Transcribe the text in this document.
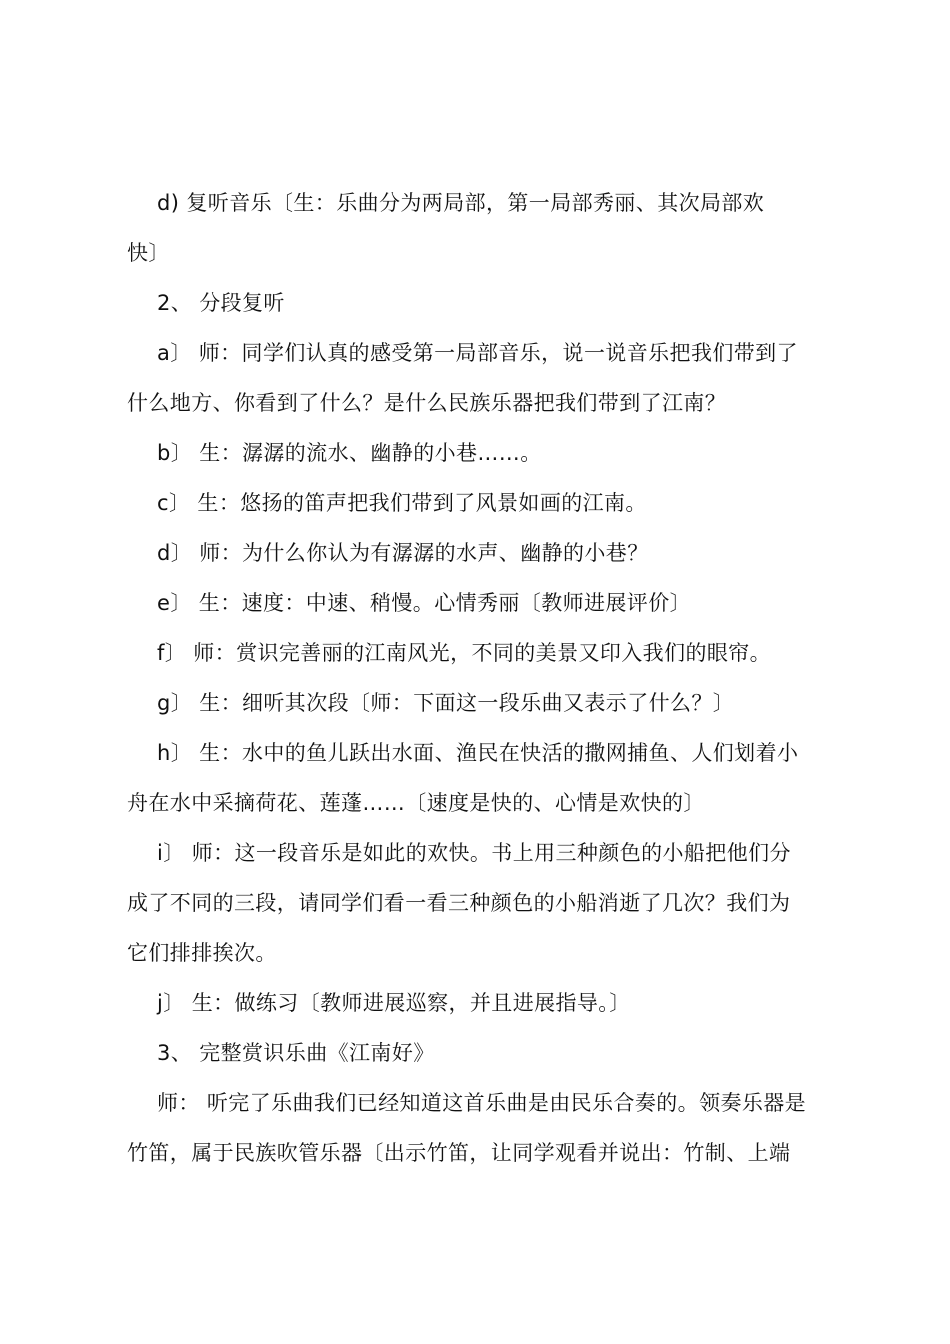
d) 复听音乐〔生：乐曲分为两局部，第一局部秀丽、其次局部欢
快〕
2、 分段复听
a〕 师：同学们认真的感受第一局部音乐，说一说音乐把我们带到了
什么地方、你看到了什么？是什么民族乐器把我们带到了江南？
b〕 生：潺潺的流水、幽静的小巷……。
c〕 生：悠扬的笛声把我们带到了风景如画的江南。
d〕 师：为什么你认为有潺潺的水声、幽静的小巷？
e〕 生：速度：中速、稍慢。心情秀丽〔教师进展评价〕
f〕 师：赏识完善丽的江南风光，不同的美景又印入我们的眼帘。
g〕 生：细听其次段〔师：下面这一段乐曲又表示了什么？〕
h〕 生：水中的鱼儿跃出水面、渔民在快活的撒网捕鱼、人们划着小
舟在水中采摘荷花、莲蓬……〔速度是快的、心情是欢快的〕
i〕 师：这一段音乐是如此的欢快。书上用三种颜色的小船把他们分
成了不同的三段，请同学们看一看三种颜色的小船消逝了几次？我们为
它们排排挨次。
j〕 生：做练习〔教师进展巡察，并且进展指导。〕
3、 完整赏识乐曲《江南好》
师： 听完了乐曲我们已经知道这首乐曲是由民乐合奏的。领奏乐器是
竹笛，属于民族吹管乐器〔出示竹笛，让同学观看并说出：竹制、上端
